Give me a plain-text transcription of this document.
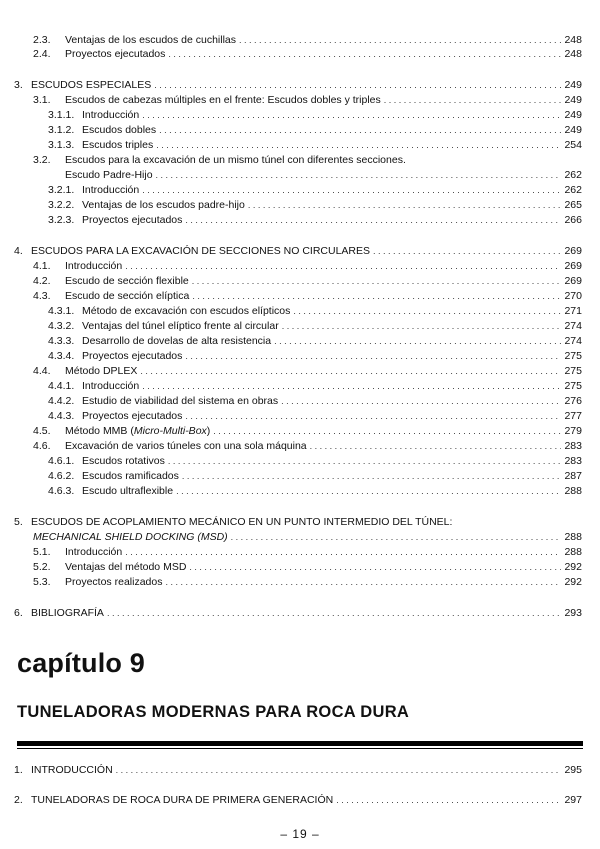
2.3.	Ventajas de los escudos de cuchillas .....	248
2.4.	Proyectos ejecutados .....	248
3. ESCUDOS ESPECIALES .....	249
3.1.	Escudos de cabezas múltiples en el frente: Escudos dobles y triples .....	249
3.1.1. Introducción .....	249
3.1.2. Escudos dobles .....	249
3.1.3. Escudos triples .....	254
3.2.	Escudos para la excavación de un mismo túnel con diferentes secciones.
Escudo Padre-Hijo .....	262
3.2.1. Introducción .....	262
3.2.2. Ventajas de los escudos padre-hijo .....	265
3.2.3. Proyectos ejecutados .....	266
4. ESCUDOS PARA LA EXCAVACIÓN DE SECCIONES NO CIRCULARES .....	269
4.1.	Introducción .....	269
4.2.	Escudo de sección flexible .....	269
4.3.	Escudo de sección elíptica .....	270
4.3.1. Método de excavación con escudos elípticos .....	271
4.3.2. Ventajas del túnel elíptico frente al circular .....	274
4.3.3. Desarrollo de dovelas de alta resistencia .....	274
4.3.4. Proyectos ejecutados .....	275
4.4.	Método DPLEX .....	275
4.4.1. Introducción .....	275
4.4.2. Estudio de viabilidad del sistema en obras .....	276
4.4.3. Proyectos ejecutados .....	277
4.5.	Método MMB (Micro-Multi-Box) .....	279
4.6.	Excavación de varios túneles con una sola máquina .....	283
4.6.1. Escudos rotativos .....	283
4.6.2. Escudos ramificados .....	287
4.6.3. Escudo ultraflexible .....	288
5. ESCUDOS DE ACOPLAMIENTO MECÁNICO EN UN PUNTO INTERMEDIO DEL TÚNEL:
MECHANICAL SHIELD DOCKING (MSD) .....	288
5.1.	Introducción .....	288
5.2.	Ventajas del método MSD .....	292
5.3.	Proyectos realizados .....	292
6. BIBLIOGRAFÍA .....	293
capítulo 9
TUNELADORAS MODERNAS PARA ROCA DURA
1. INTRODUCCIÓN .....	295
2. TUNELADORAS DE ROCA DURA DE PRIMERA GENERACIÓN .....	297
– 19 –
